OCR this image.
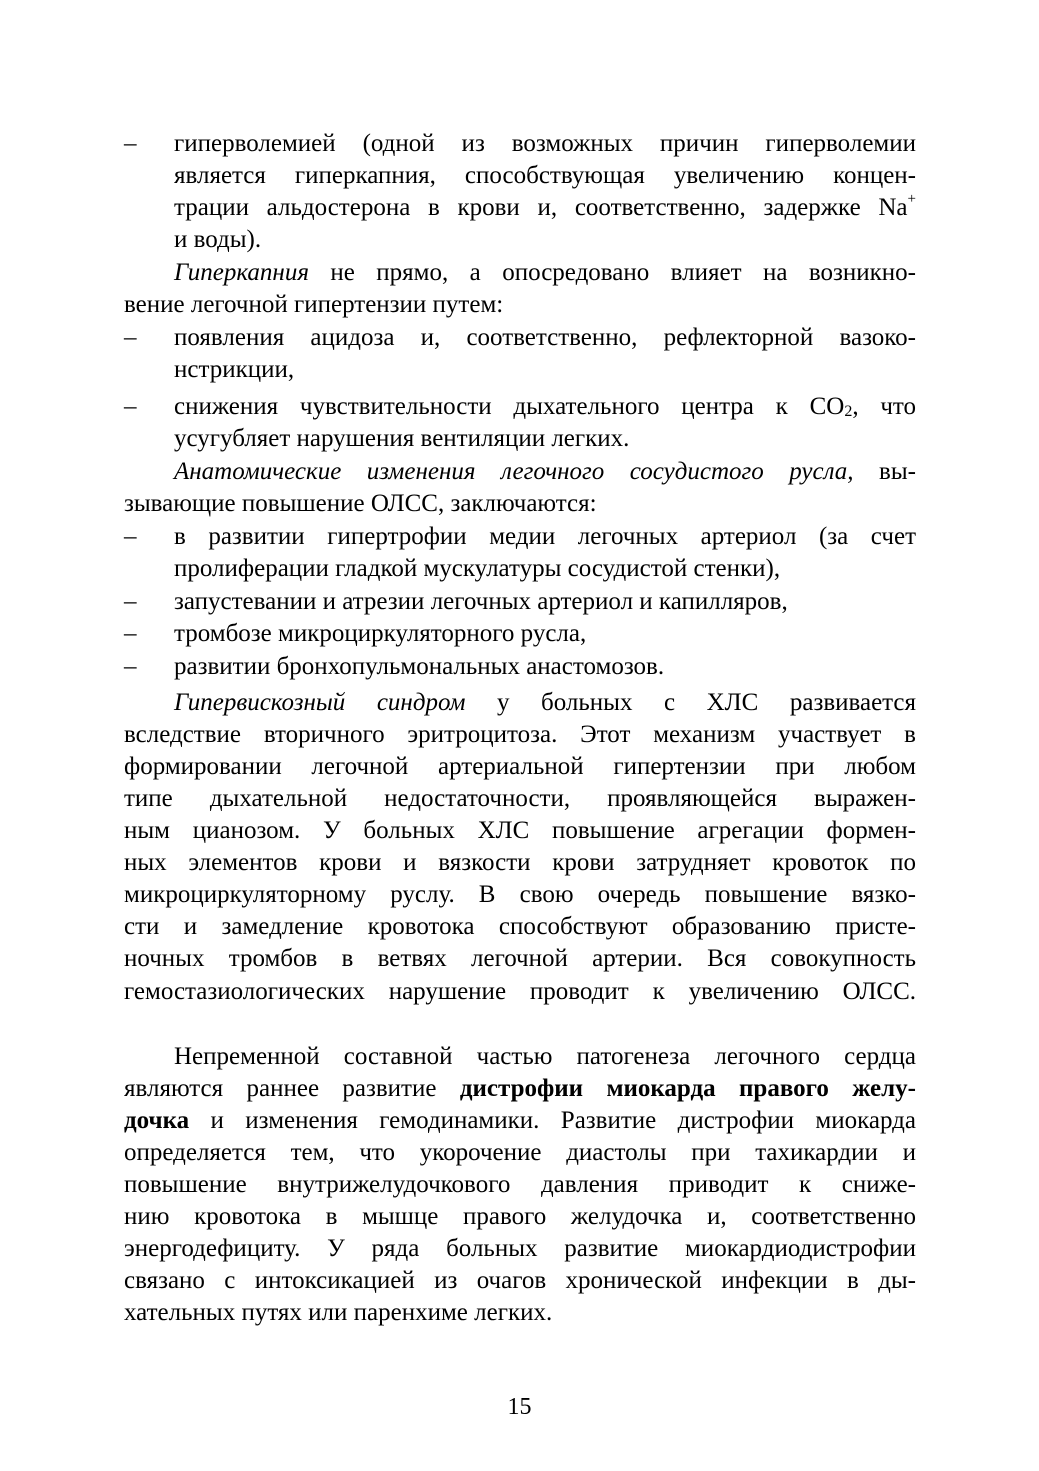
–	гиперволемией (одной из возможных причин гиперволемии
является гиперкапния, способствующая увеличению концен-
трации альдостерона в крови и, соответственно, задержке Na+
и воды).
Гиперкапния не прямо, а опосредовано влияет на возникно-
вение легочной гипертензии путем:
–	появления ацидоза и, соответственно, рефлекторной вазоко-
нстрикции,
–	снижения чувствительности дыхательного центра к $CO_2$, что
усугубляет нарушения вентиляции легких.
Анатомические изменения легочного сосудистого русла, вы-
зывающие повышение ОЛСС, заключаются:
–	в развитии гипертрофии медии легочных артериол (за счет
пролиферации гладкой мускулатуры сосудистой стенки),
–	запустевании и атрезии легочных артериол и капилляров,
–	тромбозе микроциркуляторного русла,
–	развитии бронхопульмональных анастомозов.
Гипервискозный синдром у больных с ХЛС развивается
вследствие вторичного эритроцитоза. Этот механизм участвует в
формировании легочной артериальной гипертензии при любом
типе дыхательной недостаточности, проявляющейся выражен-
ным цианозом. У больных ХЛС повышение агрегации формен-
ных элементов крови и вязкости крови затрудняет кровоток по
микроциркуляторному руслу. В свою очередь повышение вязко-
сти и замедление кровотока способствуют образованию присте-
ночных тромбов в ветвях легочной артерии. Вся совокупность
гемостазиологических нарушение проводит к увеличению ОЛСС.
Непременной составной частью патогенеза легочного сердца
являются раннее развитие дистрофии миокарда правого желу-
дочка и изменения гемодинамики. Развитие дистрофии миокарда
определяется тем, что укорочение диастолы при тахикардии и
повышение внутрижелудочкового давления приводит к сниже-
нию кровотока в мышце правого желудочка и, соответственно
энергодефициту. У ряда больных развитие миокардиодистрофии
связано с интоксикацией из очагов хронической инфекции в ды-
хательных путях или паренхиме легких.
15
